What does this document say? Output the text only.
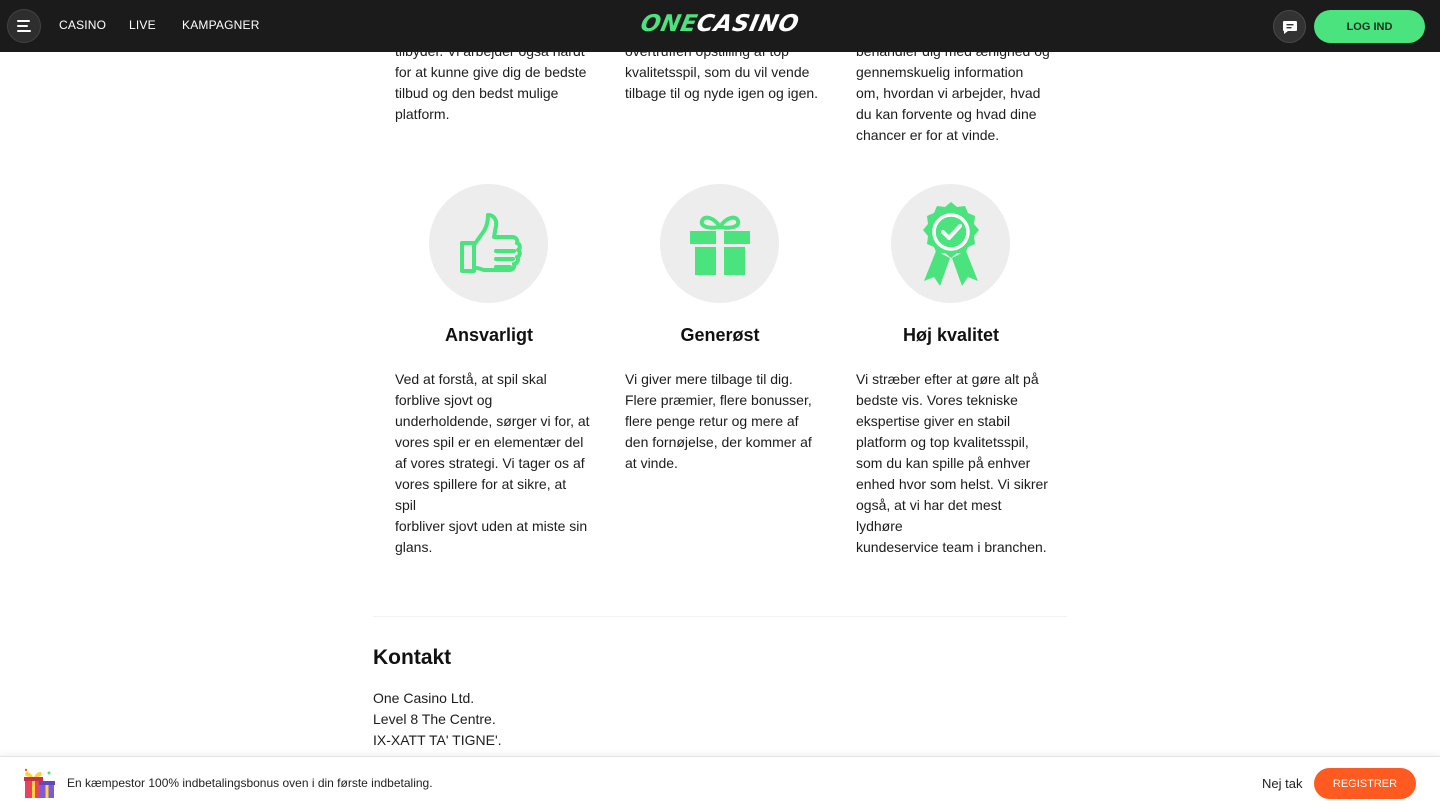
for at kunne give dig de bedste
tilbud og den bedst mulige
platform.
kvalitetsspil, som du vil vende
tilbage til og nyde igen og igen.
gennemskuelig information
om, hvordan vi arbejder, hvad
du kan forvente og hvad dine
chancer er for at vinde.
Ansvarligt	Generøst	Høj kvalitet
Ved at forstå, at spil skal
forblive sjovt og
underholdende, sørger vi for, at
vores spil er en elementær del
af vores strategi. Vi tager os af
vores spillere for at sikre, at spil
forbliver sjovt uden at miste sin
glans.
Vi giver mere tilbage til dig.
Flere præmier, flere bonusser,
flere penge retur og mere af
den fornøjelse, der kommer af
at vinde.
Vi stræber efter at gøre alt på
bedste vis. Vores tekniske
ekspertise giver en stabil
platform og top kvalitetsspil,
som du kan spille på enhver
enhed hvor som helst. Vi sikrer
også, at vi har det mest lydhøre
kundeservice team i branchen.
Kontakt
One Casino Ltd.
Level 8 The Centre.
IX-XATT TA' TIGNE'.
CASINO LIVE KAMPAGNER	ONECASINO	LOG IND
En kæmpestor 100% indbetalingsbonus oven i din første indbetaling.	Nej tak	REGISTRER
